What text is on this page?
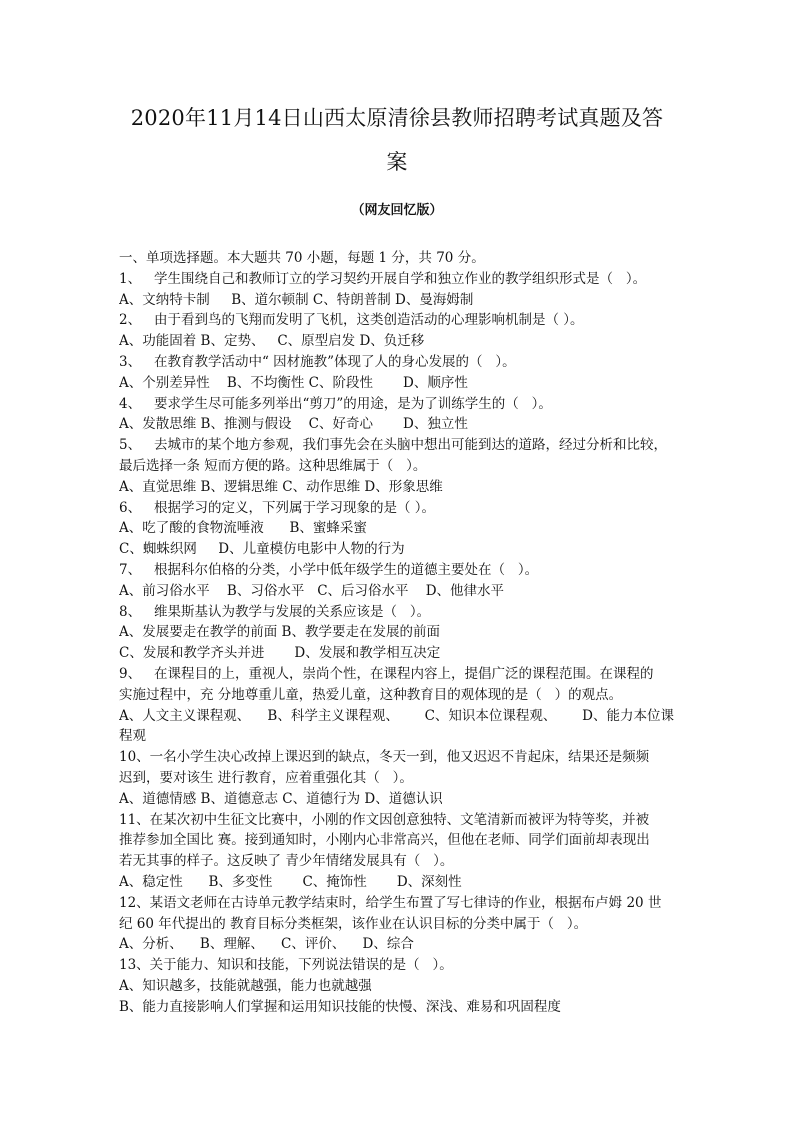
2020年11月14日山西太原清徐县教师招聘考试真题及答
案
（网友回忆版）
一、单项选择题。本大题共 70 小题，每题 1 分，共 70 分。
1、   学生围绕自己和教师订立的学习契约开展自学和独立作业的教学组织形式是（   ）。
A、文纳特卡制     B、道尔顿制 C、特朗普制 D、曼海姆制
2、   由于看到鸟的飞翔而发明了飞机，这类创造活动的心理影响机制是（ ）。
A、功能固着 B、定势、   C、原型启发 D、负迁移
3、   在教育教学活动中“ 因材施教”体现了人的身心发展的（   ）。
A、个别差异性    B、不均衡性 C、阶段性       D、顺序性
4、   要求学生尽可能多列举出“剪刀”的用途，是为了训练学生的（   ）。
A、发散思维 B、推测与假设    C、好奇心       D、独立性
5、   去城市的某个地方参观，我们事先会在头脑中想出可能到达的道路，经过分析和比较，
最后选择一条 短而方便的路。这种思维属于（   ）。
A、直觉思维 B、逻辑思维 C、动作思维 D、形象思维
6、   根据学习的定义，下列属于学习现象的是（ ）。
A、吃了酸的食物流唾液      B、蜜蜂采蜜
C、蜘蛛织网     D、儿童模仿电影中人物的行为
7、   根据科尔伯格的分类，小学中低年级学生的道德主要处在（   ）。
A、前习俗水平    B、习俗水平   C、后习俗水平    D、他律水平
8、   维果斯基认为教学与发展的关系应该是（   ）。
A、发展要走在教学的前面 B、教学要走在发展的前面
C、发展和教学齐头并进       D、发展和教学相互决定
9、   在课程目的上，重视人，崇尚个性，在课程内容上，提倡广泛的课程范围。在课程的
实施过程中，充 分地尊重儿童，热爱儿童，这种教育目的观体现的是（   ）的观点。
A、人文主义课程观、    B、科学主义课程观、      C、知识本位课程观、      D、能力本位课
程观
10、一名小学生决心改掉上课迟到的缺点，冬天一到，他又迟迟不肯起床，结果还是频频
迟到，要对该生 进行教育，应着重强化其（   ）。
A、道德情感 B、道德意志 C、道德行为 D、道德认识
11、在某次初中生征文比赛中，小刚的作文因创意独特、文笔清新而被评为特等奖，并被
推荐参加全国比 赛。接到通知时，小刚内心非常高兴，但他在老师、同学们面前却表现出
若无其事的样子。这反映了 青少年情绪发展具有（   ）。
A、稳定性      B、多变性       C、掩饰性       D、深刻性
12、某语文老师在古诗单元教学结束时，给学生布置了写七律诗的作业，根据布卢姆 20 世
纪 60 年代提出的 教育目标分类框架，该作业在认识目标的分类中属于（   ）。
A、分析、    B、理解、    C、评价、    D、综合
13、关于能力、知识和技能，下列说法错误的是（   ）。
A、知识越多，技能就越强，能力也就越强
B、能力直接影响人们掌握和运用知识技能的快慢、深浅、难易和巩固程度
